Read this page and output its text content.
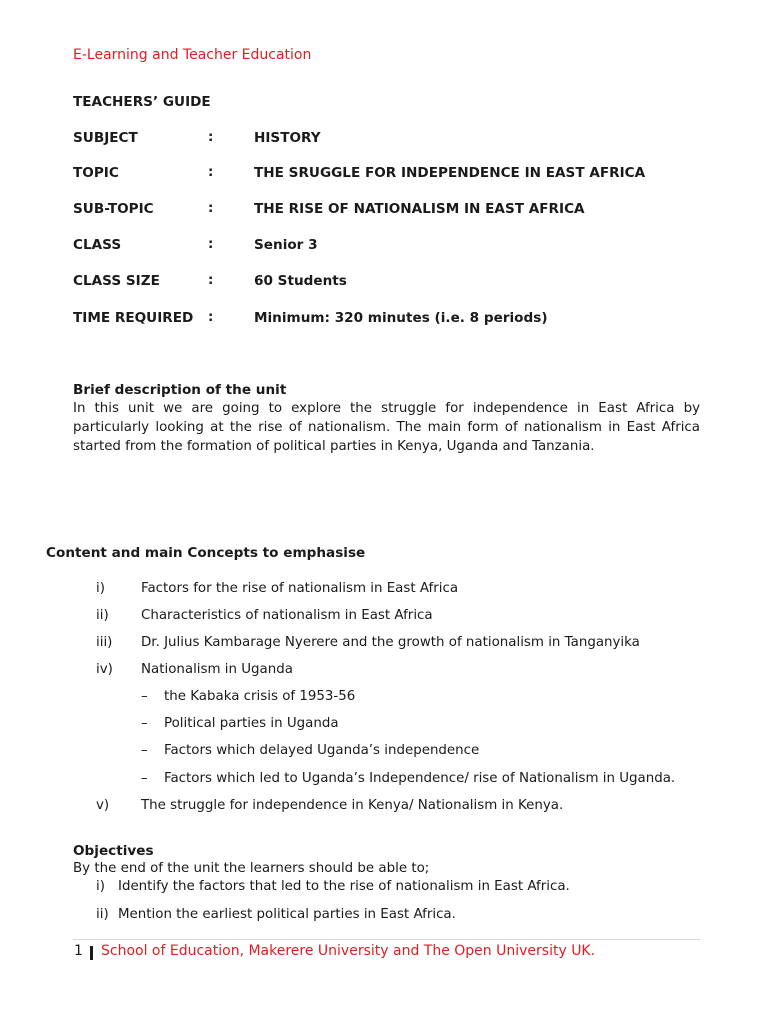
E-Learning and Teacher Education
TEACHERS’ GUIDE
SUBJECT	:	HISTORY
TOPIC	:	THE SRUGGLE FOR INDEPENDENCE IN EAST AFRICA
SUB-TOPIC	:	THE RISE OF NATIONALISM IN EAST AFRICA
CLASS	:	Senior 3
CLASS SIZE	:	60 Students
TIME REQUIRED :	Minimum: 320 minutes (i.e. 8 periods)
Brief description of the unit
In this unit we are going to explore the struggle for independence in East Africa by particularly looking at the rise of nationalism. The main form of nationalism in East Africa started from the formation of political parties in Kenya, Uganda and Tanzania.
Content and main Concepts to emphasise
i)	Factors for the rise of nationalism in East Africa
ii) Characteristics of nationalism in East Africa
iii) Dr. Julius Kambarage Nyerere and the growth of nationalism in Tanganyika
iv) Nationalism in Uganda
– the Kabaka crisis of 1953-56
– Political parties in Uganda
– Factors which delayed Uganda’s independence
– Factors which led to Uganda’s Independence/ rise of Nationalism in Uganda.
v) The struggle for independence in Kenya/ Nationalism in Kenya.
Objectives
By the end of the unit the learners should be able to;
i) Identify the factors that led to the rise of nationalism in East Africa.
ii) Mention the earliest political parties in East Africa.
1 School of Education, Makerere University and The Open University UK.
